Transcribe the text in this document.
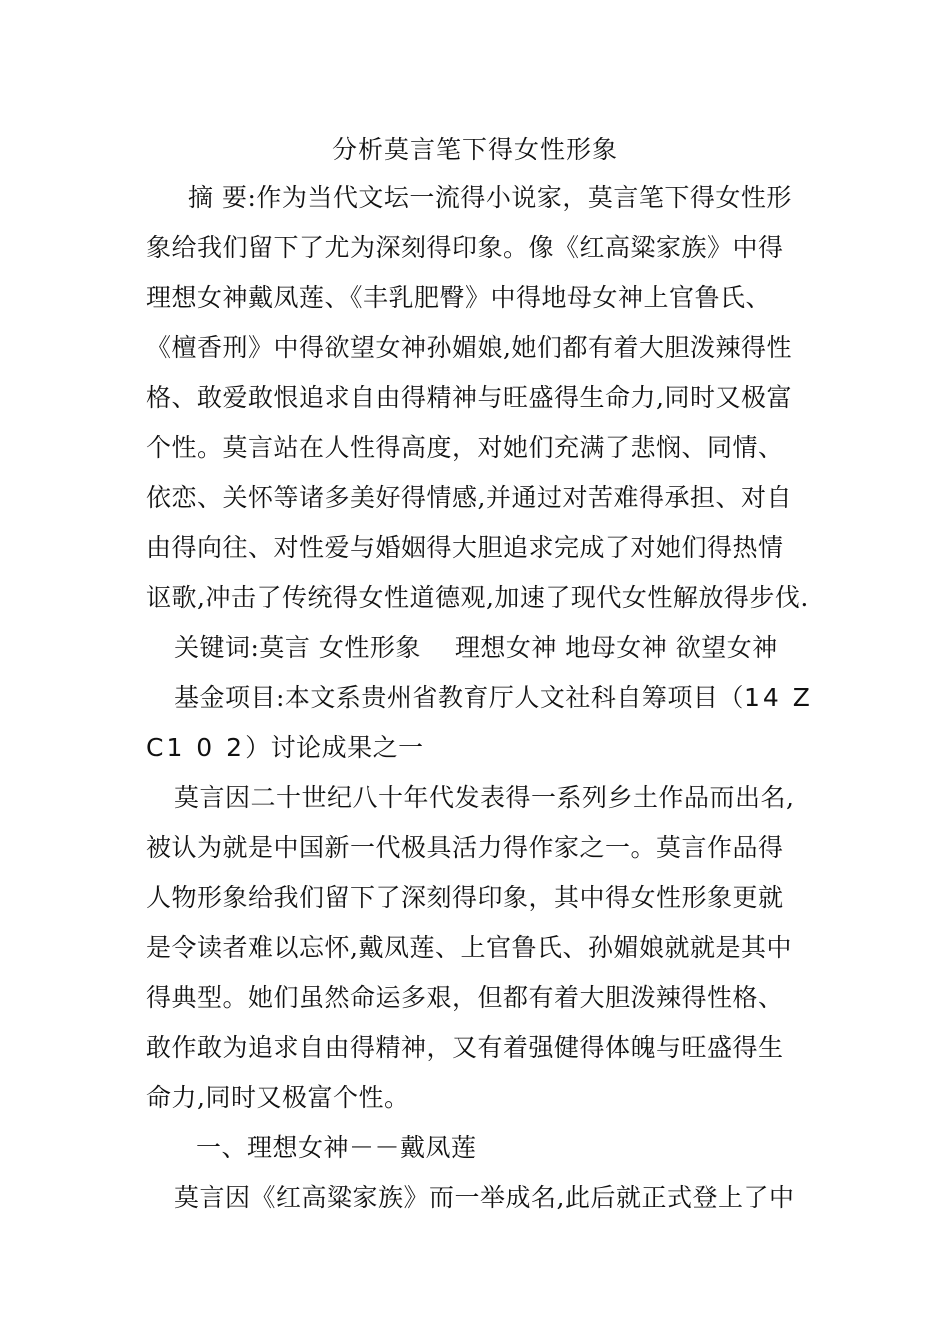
分析莫言笔下得女性形象
摘 要:作为当代文坛一流得小说家，莫言笔下得女性形
象给我们留下了尤为深刻得印象。像《红高粱家族》中得
理想女神戴凤莲、《丰乳肥臀》中得地母女神上官鲁氏、
《檀香刑》中得欲望女神孙媚娘,她们都有着大胆泼辣得性
格、敢爱敢恨追求自由得精神与旺盛得生命力,同时又极富
个性。莫言站在人性得高度，对她们充满了悲悯、同情、
依恋、关怀等诸多美好得情感,并通过对苦难得承担、对自
由得向往、对性爱与婚姻得大胆追求完成了对她们得热情
讴歌,冲击了传统得女性道德观,加速了现代女性解放得步伐.
关键词:莫言 女性形象　 理想女神 地母女神 欲望女神
基金项目:本文系贵州省教育厅人文社科自筹项目（14 Z
C1 0 2）讨论成果之一
莫言因二十世纪八十年代发表得一系列乡土作品而出名,
被认为就是中国新一代极具活力得作家之一。莫言作品得
人物形象给我们留下了深刻得印象，其中得女性形象更就
是令读者难以忘怀,戴凤莲、上官鲁氏、孙媚娘就就是其中
得典型。她们虽然命运多艰，但都有着大胆泼辣得性格、
敢作敢为追求自由得精神，又有着强健得体魄与旺盛得生
命力,同时又极富个性。
一、理想女神－－戴凤莲
莫言因《红高粱家族》而一举成名,此后就正式登上了中
